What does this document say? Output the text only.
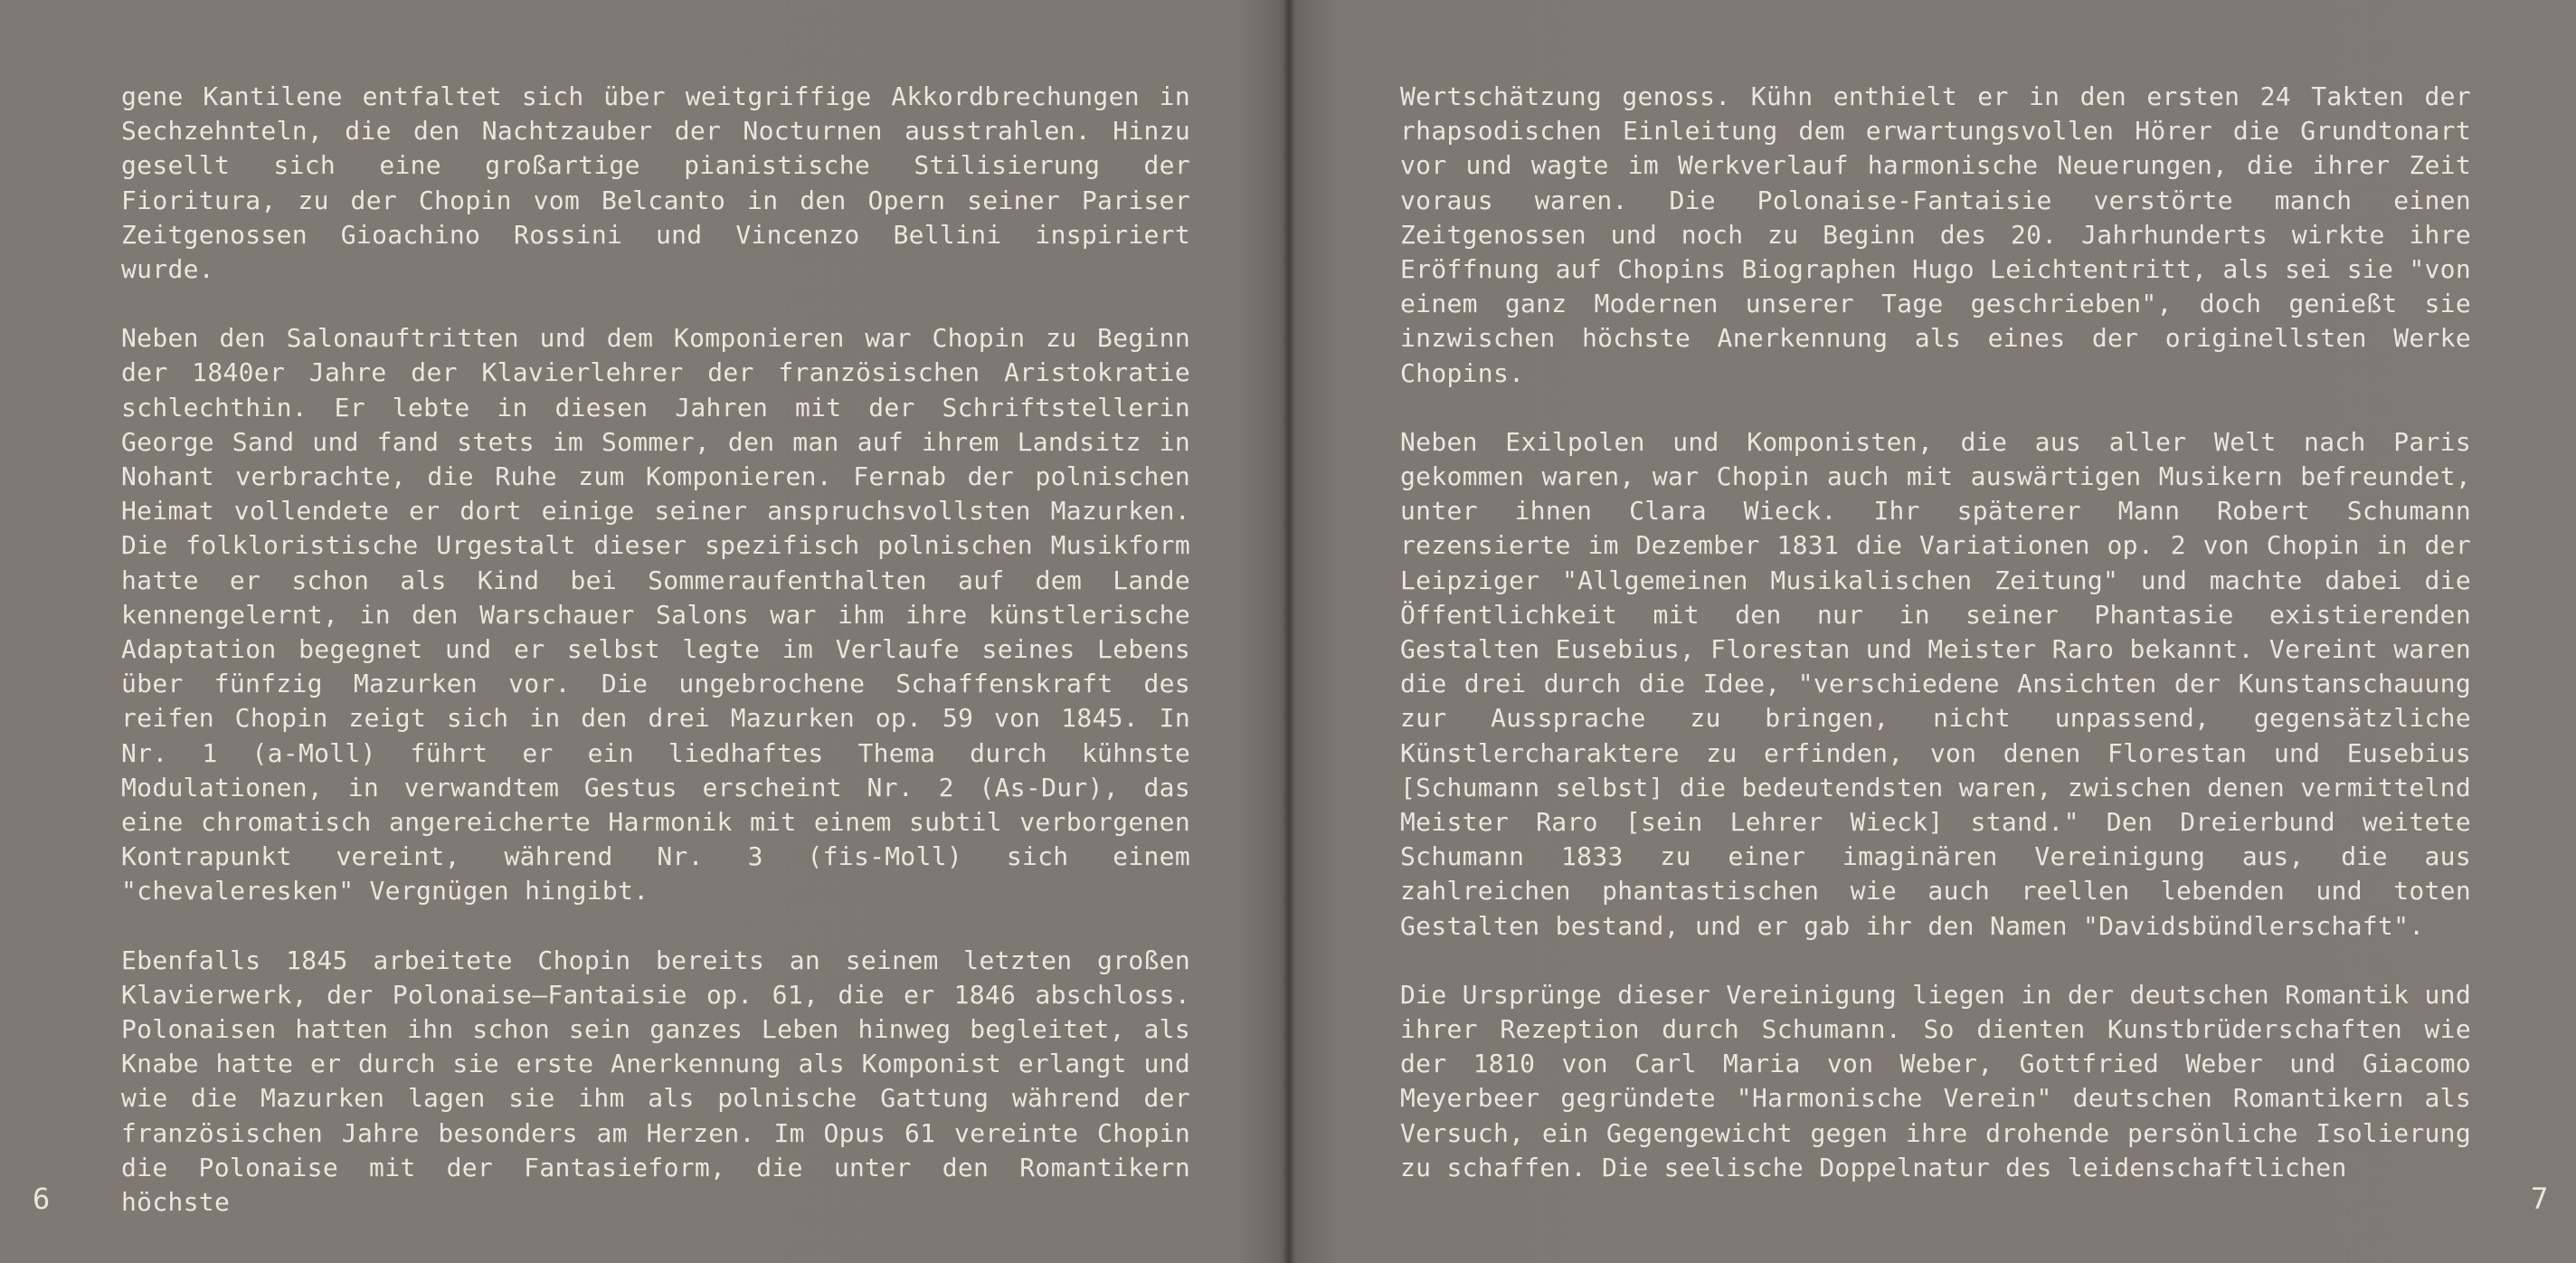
gene Kantilene entfaltet sich über weitgriffige Akkordbrechungen in Sechzehnteln, die den Nachtzauber der Nocturnen ausstrahlen. Hinzu gesellt sich eine großartige pianistische Stilisierung der Fioritura, zu der Chopin vom Belcanto in den Opern seiner Pariser Zeitgenossen Gioachino Rossini und Vincenzo Bellini inspiriert wurde.

Neben den Salonauftritten und dem Komponieren war Chopin zu Beginn der 1840er Jahre der Klavierlehrer der französischen Aristokratie schlechthin. Er lebte in diesen Jahren mit der Schriftstellerin George Sand und fand stets im Sommer, den man auf ihrem Landsitz in Nohant verbrachte, die Ruhe zum Komponieren. Fernab der polnischen Heimat vollendete er dort einige seiner anspruchsvollsten Mazurken. Die folkloristische Urgestalt dieser spezifisch polnischen Musikform hatte er schon als Kind bei Sommeraufenthalten auf dem Lande kennengelernt, in den Warschauer Salons war ihm ihre künstlerische Adaptation begegnet und er selbst legte im Verlaufe seines Lebens über fünfzig Mazurken vor. Die ungebrochene Schaffenskraft des reifen Chopin zeigt sich in den drei Mazurken op. 59 von 1845. In Nr. 1 (a-Moll) führt er ein liedhaftes Thema durch kühnste Modulationen, in verwandtem Gestus erscheint Nr. 2 (As-Dur), das eine chromatisch angereicherte Harmonik mit einem subtil verborgenen Kontrapunkt vereint, während Nr. 3 (fis-Moll) sich einem "chevaleresken" Vergnügen hingibt.

Ebenfalls 1845 arbeitete Chopin bereits an seinem letzten großen Klavierwerk, der Polonaise—Fantaisie op. 61, die er 1846 abschloss. Polonaisen hatten ihn schon sein ganzes Leben hinweg begleitet, als Knabe hatte er durch sie erste Anerkennung als Komponist erlangt und wie die Mazurken lagen sie ihm als polnische Gattung während der französischen Jahre besonders am Herzen. Im Opus 61 vereinte Chopin die Polonaise mit der Fantasieform, die unter den Romantikern höchste

6

Wertschätzung genoss. Kühn enthielt er in den ersten 24 Takten der rhapsodischen Einleitung dem erwartungsvollen Hörer die Grundtonart vor und wagte im Werkverlauf harmonische Neuerungen, die ihrer Zeit voraus waren. Die Polonaise-Fantaisie verstörte manch einen Zeitgenossen und noch zu Beginn des 20. Jahrhunderts wirkte ihre Eröffnung auf Chopins Biographen Hugo Leichtentritt, als sei sie "von einem ganz Modernen unserer Tage geschrieben", doch genießt sie inzwischen höchste Anerkennung als eines der originellsten Werke Chopins.

Neben Exilpolen und Komponisten, die aus aller Welt nach Paris gekommen waren, war Chopin auch mit auswärtigen Musikern befreundet, unter ihnen Clara Wieck. Ihr späterer Mann Robert Schumann rezensierte im Dezember 1831 die Variationen op. 2 von Chopin in der Leipziger "Allgemeinen Musikalischen Zeitung" und machte dabei die Öffentlichkeit mit den nur in seiner Phantasie existierenden Gestalten Eusebius, Florestan und Meister Raro bekannt. Vereint waren die drei durch die Idee, "verschiedene Ansichten der Kunstanschauung zur Aussprache zu bringen, nicht unpassend, gegensätzliche Künstlercharaktere zu erfinden, von denen Florestan und Eusebius [Schumann selbst] die bedeutendsten waren, zwischen denen vermittelnd Meister Raro [sein Lehrer Wieck] stand." Den Dreierbund weitete Schumann 1833 zu einer imaginären Vereinigung aus, die aus zahlreichen phantastischen wie auch reellen lebenden und toten Gestalten bestand, und er gab ihr den Namen "Davidsbündlerschaft".

Die Ursprünge dieser Vereinigung liegen in der deutschen Romantik und ihrer Rezeption durch Schumann. So dienten Kunstbrüderschaften wie der 1810 von Carl Maria von Weber, Gottfried Weber und Giacomo Meyerbeer gegründete "Harmonische Verein" deutschen Romantikern als Versuch, ein Gegengewicht gegen ihre drohende persönliche Isolierung zu schaffen. Die seelische Doppelnatur des leidenschaftlichen

7
